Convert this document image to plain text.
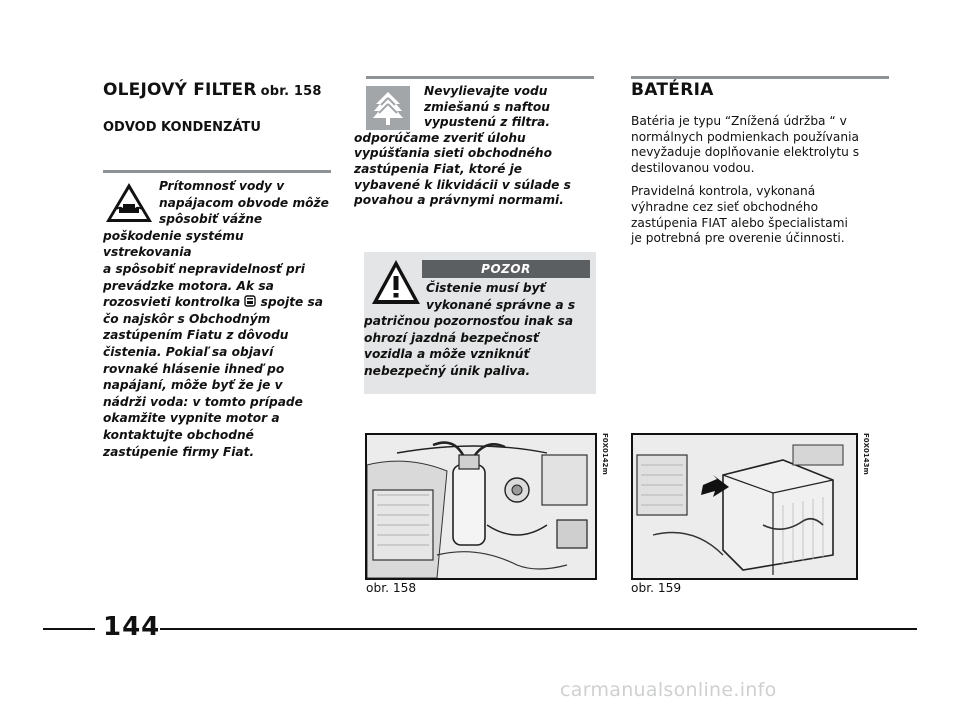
OLEJOVÝ FILTER obr. 158
ODVOD KONDENZÁTU

Prítomnosť vody v
napájacom obvode môže
spôsobiť vážne

poškodenie systému vstrekovania
a spôsobiť nepravidelnosť pri
prevádzke motora. Ak sa
rozosvieti kontrolka  spojte sa
čo najskôr s Obchodným
zastúpením Fiatu z dôvodu
čistenia. Pokiaľ sa objaví
rovnaké hlásenie ihneď po
napájaní, môže byť že je v
nádrži voda: v tomto prípade
okamžite vypnite motor a
kontaktujte obchodné
zastúpenie firmy Fiat.

Nevylievajte vodu
zmiešanú s naftou
vypustenú z filtra.

odporúčame zveriť úlohu
vypúšťania sieti obchodného
zastúpenia Fiat, ktoré je
vybavené k likvidácii v súlade s
povahou a právnymi normami.

POZOR

Čistenie musí byť
vykonané správne a s

patričnou pozornosťou inak sa
ohrozí jazdná bezpečnosť
vozidla a môže vzniknúť
nebezpečný únik paliva.

BATÉRIA

Batéria je typu “Znížená údržba “ v
normálnych podmienkach používania
nevyžaduje doplňovanie elektrolytu s
destilovanou vodou.

Pravidelná kontrola, vykonaná
výhradne cez sieť obchodného
zastúpenia FIAT alebo špecialistami
je potrebná pre overenie účinnosti.

F0X0142m
obr. 158
F0X0143m
obr. 159
144
carmanualsonline.info
